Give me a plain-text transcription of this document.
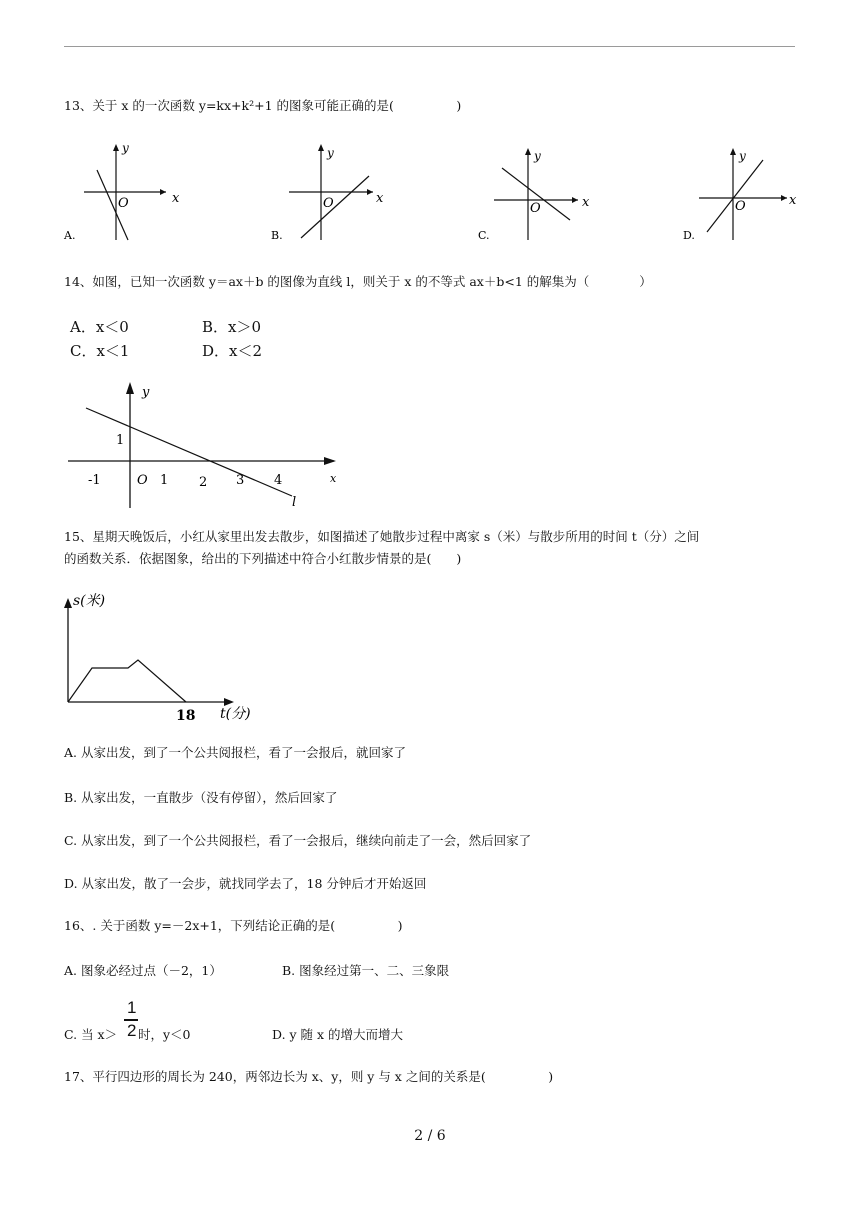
13、关于 x 的一次函数 y=kx+k²+1 的图象可能正确的是(　　　　　)
y
x
O
A.
y
x
O
B.
y
x
O
C.
y
x
O
D.
14、如图，已知一次函数 y＝ax＋b 的图像为直线 l，则关于 x 的不等式 ax＋b<1 的解集为（　　　　）
A．x＜0	B．x＞0
C．x＜1	D．x＜2
y
x
1
-1	O 1 2 3 4
l
15、星期天晚饭后，小红从家里出发去散步，如图描述了她散步过程中离家 s（米）与散步所用的时间 t（分）之间
的函数关系．依据图象，给出的下列描述中符合小红散步情景的是(　　)
s(米)
t(分)
18
A. 从家出发，到了一个公共阅报栏，看了一会报后，就回家了
B. 从家出发，一直散步（没有停留），然后回家了
C. 从家出发，到了一个公共阅报栏，看了一会报后，继续向前走了一会，然后回家了
D. 从家出发，散了一会步，就找同学去了，18 分钟后才开始返回
16、. 关于函数 y=－2x+1，下列结论正确的是(　　　　　)
A. 图象必经过点（－2，1）	B. 图象经过第一、二、三象限
C. 当 x＞
1
2 时，y＜0	D. y 随 x 的增大而增大
17、平行四边形的周长为 240，两邻边长为 x、y，则 y 与 x 之间的关系是(　　　　　)
2 / 6
